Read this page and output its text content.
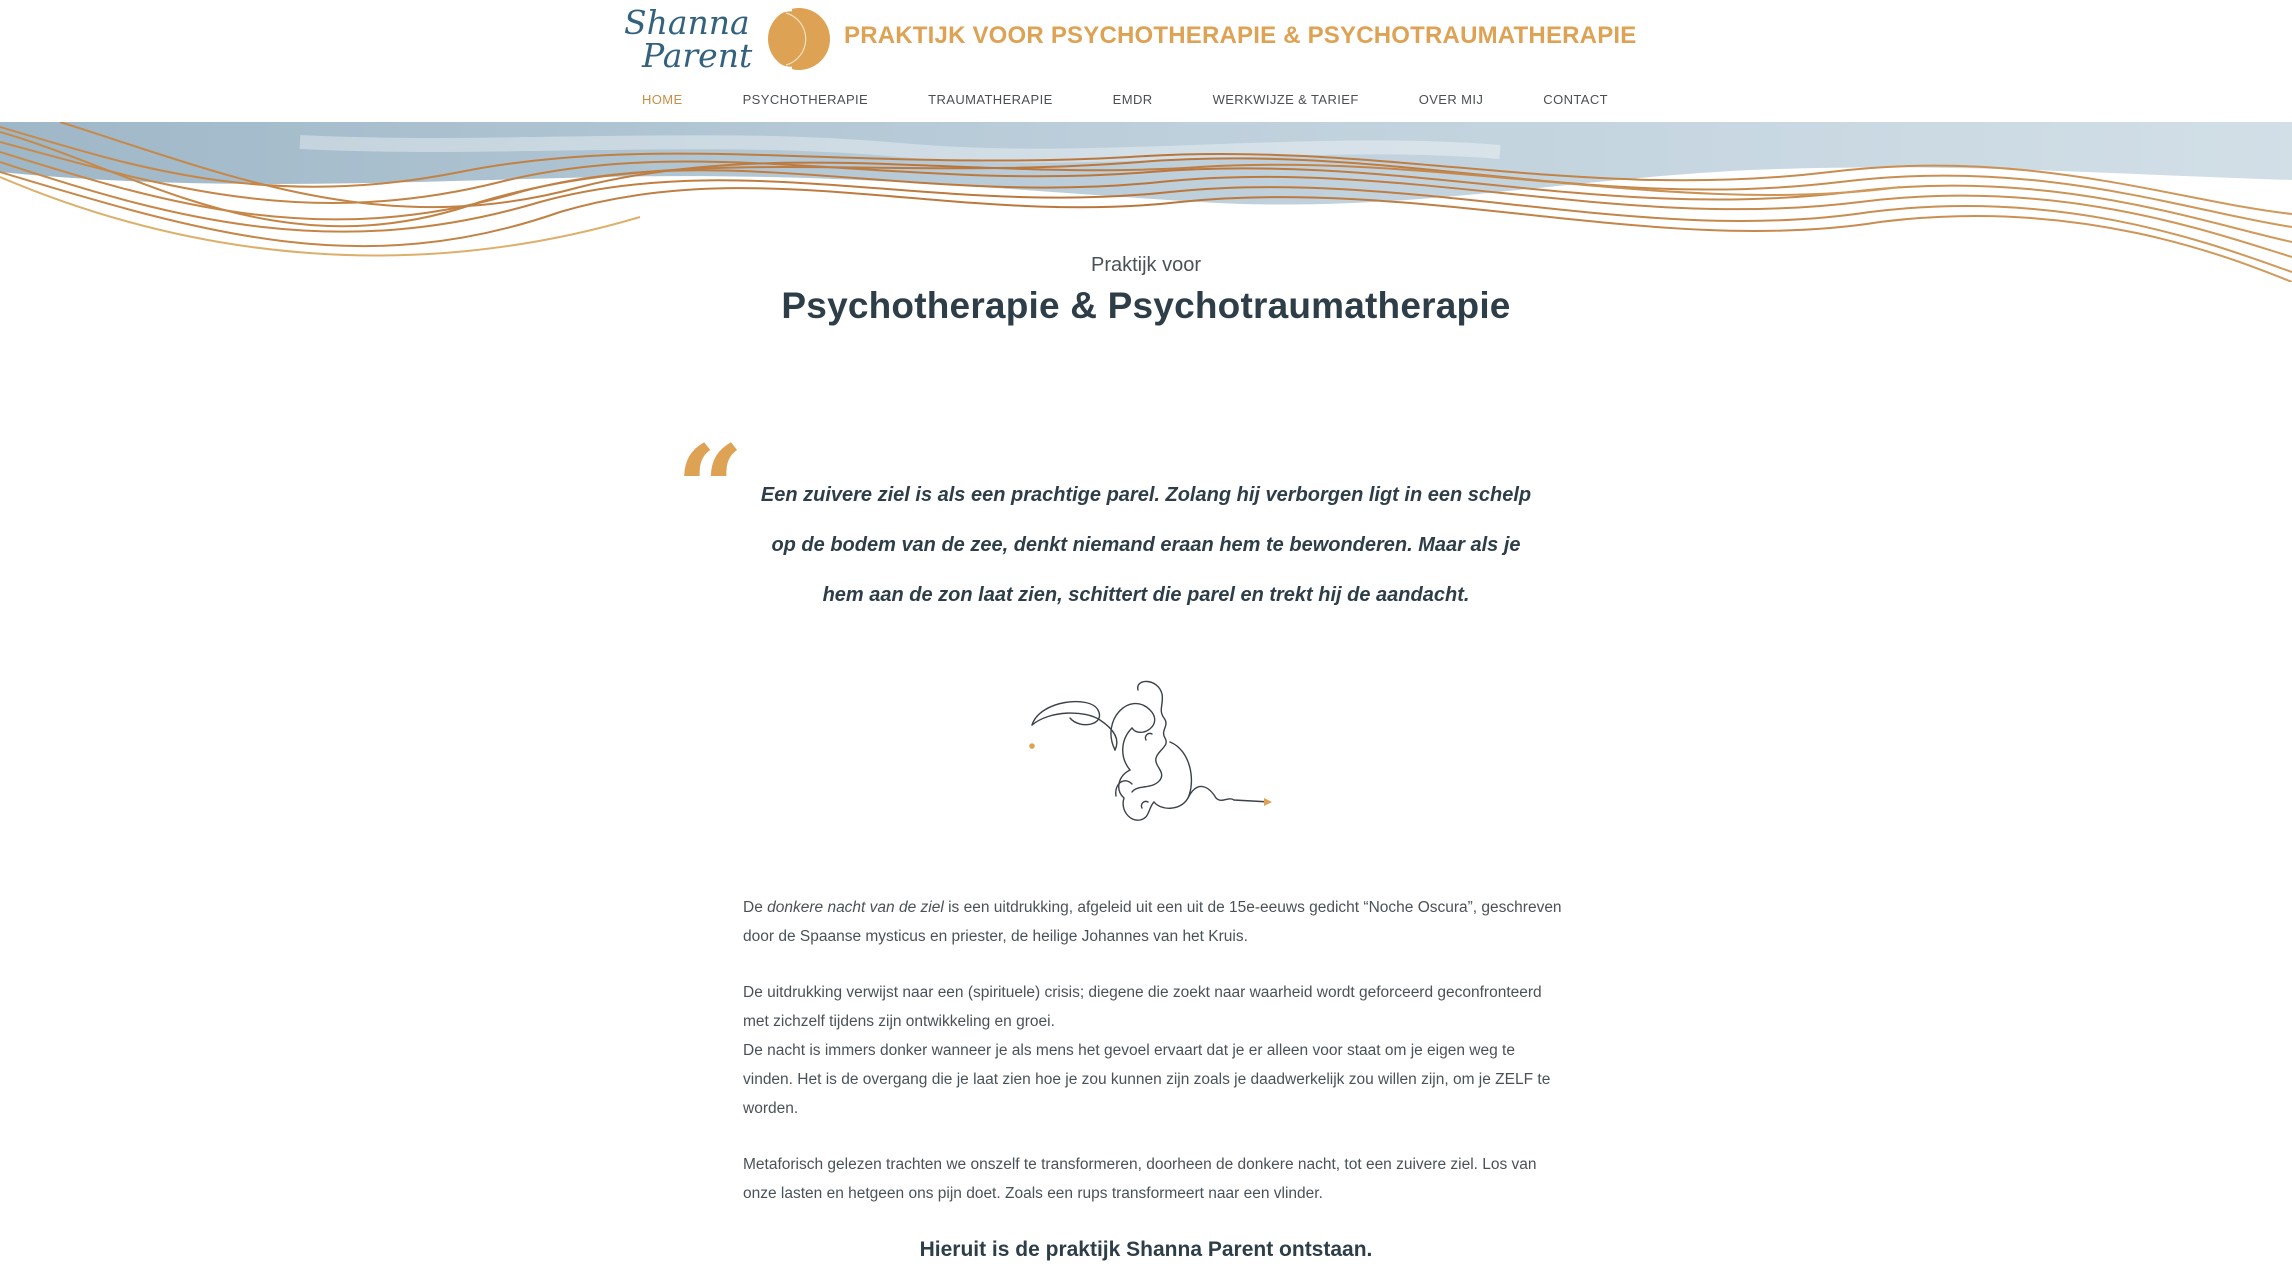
Shanna
Parent
PRAKTIJK VOOR PSYCHOTHERAPIE & PSYCHOTRAUMATHERAPIE
HOME	PSYCHOTHERAPIE	TRAUMATHERAPIE	EMDR	WERKWIJZE & TARIEF	OVER MIJ	CONTACT
Praktijk voor
Psychotherapie & Psychotraumatherapie
“ Een zuivere ziel is als een prachtige parel. Zolang hij verborgen ligt in een schelp
op de bodem van de zee, denkt niemand eraan hem te bewonderen. Maar als je
hem aan de zon laat zien, schittert die parel en trekt hij de aandacht.

De donkere nacht van de ziel is een uitdrukking, afgeleid uit een uit de 15e-eeuws gedicht “Noche Oscura”, geschreven door de Spaanse mysticus en priester, de heilige Johannes van het Kruis.

De uitdrukking verwijst naar een (spirituele) crisis; diegene die zoekt naar waarheid wordt geforceerd geconfronteerd met zichzelf tijdens zijn ontwikkeling en groei.

De nacht is immers donker wanneer je als mens het gevoel ervaart dat je er alleen voor staat om je eigen weg te vinden. Het is de overgang die je laat zien hoe je zou kunnen zijn zoals je daadwerkelijk zou willen zijn, om je ZELF te worden.

Metaforisch gelezen trachten we onszelf te transformeren, doorheen de donkere nacht, tot een zuivere ziel. Los van onze lasten en hetgeen ons pijn doet. Zoals een rups transformeert naar een vlinder.

Hieruit is de praktijk Shanna Parent ontstaan.
